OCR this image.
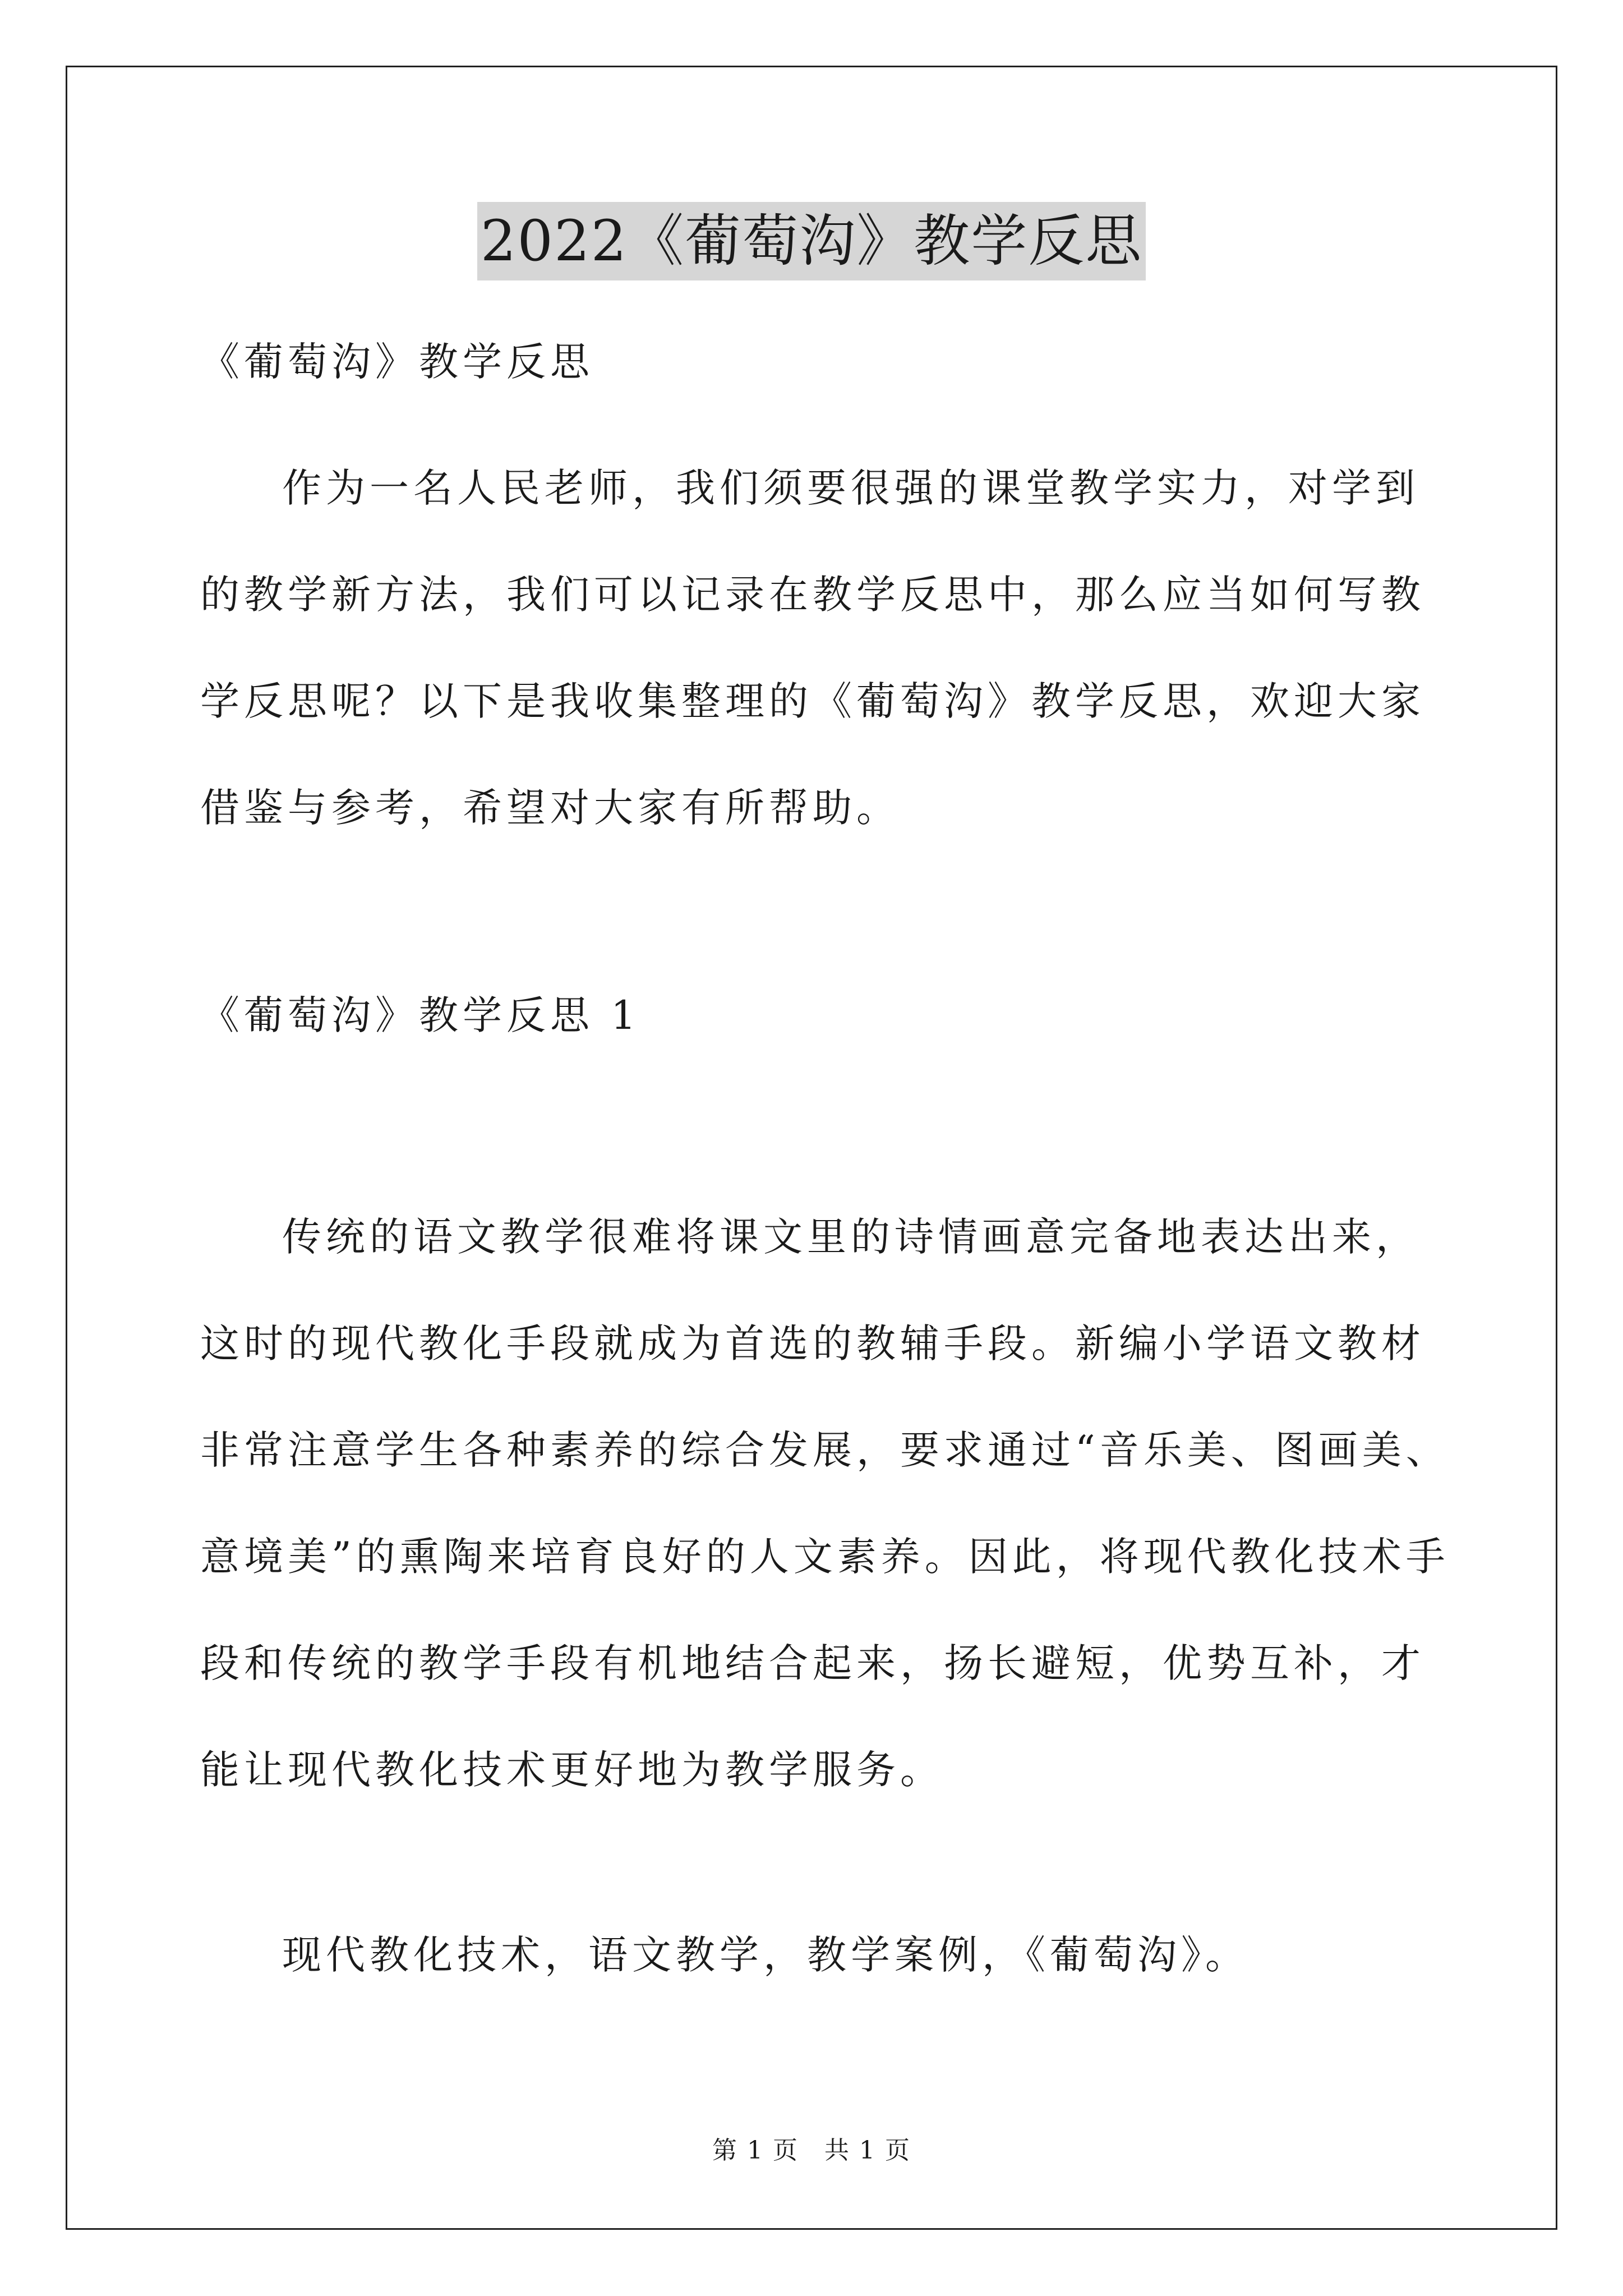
2022《葡萄沟》教学反思

《葡萄沟》教学反思

作为一名人民老师，我们须要很强的课堂教学实力，对学到的教学新方法，我们可以记录在教学反思中，那么应当如何写教学反思呢？以下是我收集整理的《葡萄沟》教学反思，欢迎大家借鉴与参考，希望对大家有所帮助。

《葡萄沟》教学反思 1

传统的语文教学很难将课文里的诗情画意完备地表达出来，这时的现代教化手段就成为首选的教辅手段。新编小学语文教材非常注意学生各种素养的综合发展，要求通过“音乐美、图画美、意境美”的熏陶来培育良好的人文素养。因此，将现代教化技术手段和传统的教学手段有机地结合起来，扬长避短，优势互补，才能让现代教化技术更好地为教学服务。

现代教化技术，语文教学，教学案例，《葡萄沟》。

第 1 页　共 1 页
